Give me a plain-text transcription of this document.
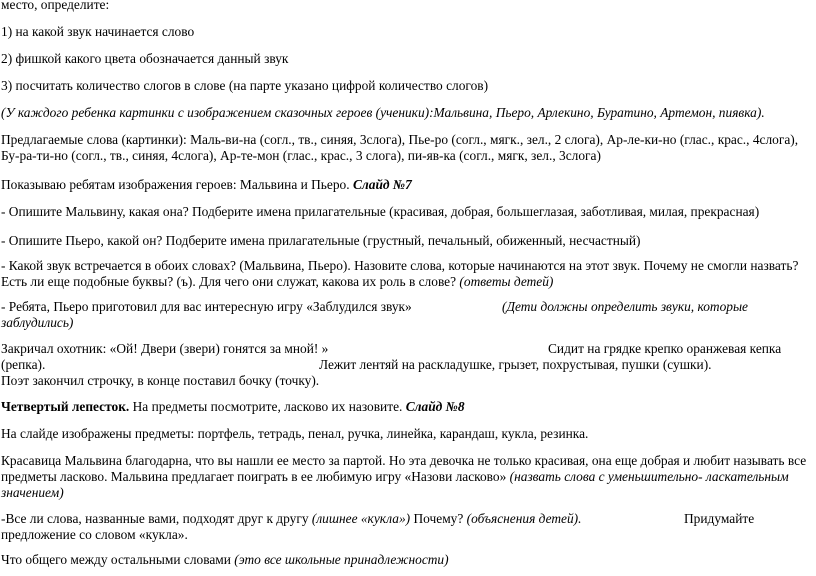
место, определите:
1) на какой звук начинается слово
2) фишкой какого цвета обозначается данный звук
3) посчитать количество слогов в слове (на парте указано цифрой количество слогов)
(У каждого ребенка картинки с изображением сказочных героев (ученики):Мальвина, Пьеро, Арлекино, Буратино, Артемон, пиявка).
Предлагаемые слова (картинки): Маль-ви-на (согл., тв., синяя, 3слога), Пье-ро (согл., мягк., зел., 2 слога), Ар-ле-ки-но (глас., крас., 4слога),
Бу-ра-ти-но (согл., тв., синяя, 4слога), Ар-те-мон (глас., крас., 3 слога), пи-яв-ка (согл., мягк, зел., 3слога)
Показываю ребятам изображения героев: Мальвина и Пьеро. Слайд №7
- Опишите Мальвину, какая она? Подберите имена прилагательные (красивая, добрая, большеглазая, заботливая, милая, прекрасная)
- Опишите Пьеро, какой он? Подберите имена прилагательные (грустный, печальный, обиженный, несчастный)
- Какой звук встречается в обоих словах? (Мальвина, Пьеро). Назовите слова, которые начинаются на этот звук. Почему не смогли назвать?
Есть ли еще подобные буквы? (ъ). Для чего они служат, какова их роль в слове? (ответы детей)
- Ребята, Пьеро приготовил для вас интересную игру «Заблудился звук»	(Дети должны определить звуки, которые
заблудились)
Закричал охотник: «Ой! Двери (звери) гонятся за мной! »	Сидит на грядке крепко оранжевая кепка
(репка).	Лежит лентяй на раскладушке, грызет, похрустывая, пушки (сушки).
Поэт закончил строчку, в конце поставил бочку (точку).
Четвертый лепесток. На предметы посмотрите, ласково их назовите. Слайд №8
На слайде изображены предметы: портфель, тетрадь, пенал, ручка, линейка, карандаш, кукла, резинка.
Красавица Мальвина благодарна, что вы нашли ее место за партой. Но эта девочка не только красивая, она еще добрая и любит называть все
предметы ласково. Мальвина предлагает поиграть в ее любимую игру «Назови ласково» (назвать слова с уменьшительно- ласкательным
значением)
-Все ли слова, названные вами, подходят друг к другу (лишнее «кукла») Почему? (объяснения детей).	Придумайте
предложение со словом «кукла».
Что общего между остальными словами (это все школьные принадлежности)
